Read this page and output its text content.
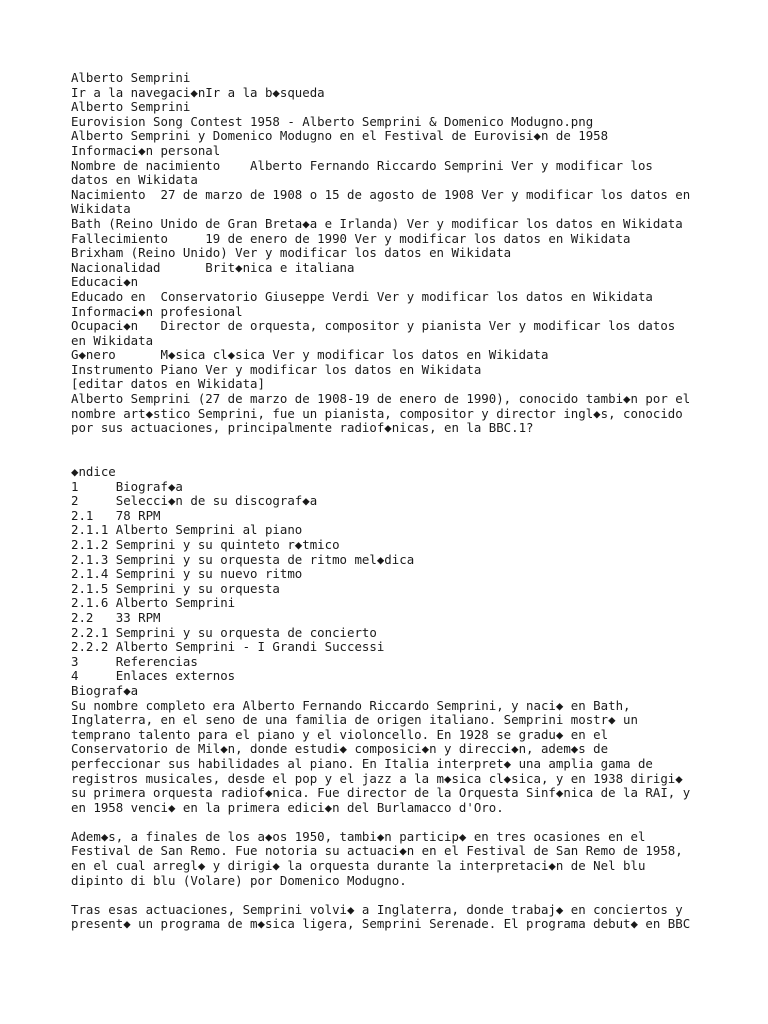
Alberto Semprini
Ir a la navegaci◆nIr a la b◆squeda
Alberto Semprini
Eurovision Song Contest 1958 - Alberto Semprini & Domenico Modugno.png
Alberto Semprini y Domenico Modugno en el Festival de Eurovisi◆n de 1958
Informaci◆n personal
Nombre de nacimiento    Alberto Fernando Riccardo Semprini Ver y modificar los
datos en Wikidata
Nacimiento  27 de marzo de 1908 o 15 de agosto de 1908 Ver y modificar los datos en
Wikidata
Bath (Reino Unido de Gran Breta◆a e Irlanda) Ver y modificar los datos en Wikidata
Fallecimiento     19 de enero de 1990 Ver y modificar los datos en Wikidata
Brixham (Reino Unido) Ver y modificar los datos en Wikidata
Nacionalidad      Brit◆nica e italiana
Educaci◆n
Educado en  Conservatorio Giuseppe Verdi Ver y modificar los datos en Wikidata
Informaci◆n profesional
Ocupaci◆n   Director de orquesta, compositor y pianista Ver y modificar los datos
en Wikidata
G◆nero      M◆sica cl◆sica Ver y modificar los datos en Wikidata
Instrumento Piano Ver y modificar los datos en Wikidata
[editar datos en Wikidata]
Alberto Semprini (27 de marzo de 1908-19 de enero de 1990), conocido tambi◆n por el
nombre art◆stico Semprini, fue un pianista, compositor y director ingl◆s, conocido
por sus actuaciones, principalmente radiof◆nicas, en la BBC.1?
◆ndice
1     Biograf◆a
2     Selecci◆n de su discograf◆a
2.1   78 RPM
2.1.1 Alberto Semprini al piano
2.1.2 Semprini y su quinteto r◆tmico
2.1.3 Semprini y su orquesta de ritmo mel◆dica
2.1.4 Semprini y su nuevo ritmo
2.1.5 Semprini y su orquesta
2.1.6 Alberto Semprini
2.2   33 RPM
2.2.1 Semprini y su orquesta de concierto
2.2.2 Alberto Semprini - I Grandi Successi
3     Referencias
4     Enlaces externos
Biograf◆a
Su nombre completo era Alberto Fernando Riccardo Semprini, y naci◆ en Bath,
Inglaterra, en el seno de una familia de origen italiano. Semprini mostr◆ un
temprano talento para el piano y el violoncello. En 1928 se gradu◆ en el
Conservatorio de Mil◆n, donde estudi◆ composici◆n y direcci◆n, adem◆s de
perfeccionar sus habilidades al piano. En Italia interpret◆ una amplia gama de
registros musicales, desde el pop y el jazz a la m◆sica cl◆sica, y en 1938 dirigi◆
su primera orquesta radiof◆nica. Fue director de la Orquesta Sinf◆nica de la RAI, y
en 1958 venci◆ en la primera edici◆n del Burlamacco d'Oro.
Adem◆s, a finales de los a◆os 1950, tambi◆n particip◆ en tres ocasiones en el
Festival de San Remo. Fue notoria su actuaci◆n en el Festival de San Remo de 1958,
en el cual arregl◆ y dirigi◆ la orquesta durante la interpretaci◆n de Nel blu
dipinto di blu (Volare) por Domenico Modugno.
Tras esas actuaciones, Semprini volvi◆ a Inglaterra, donde trabaj◆ en conciertos y
present◆ un programa de m◆sica ligera, Semprini Serenade. El programa debut◆ en BBC
